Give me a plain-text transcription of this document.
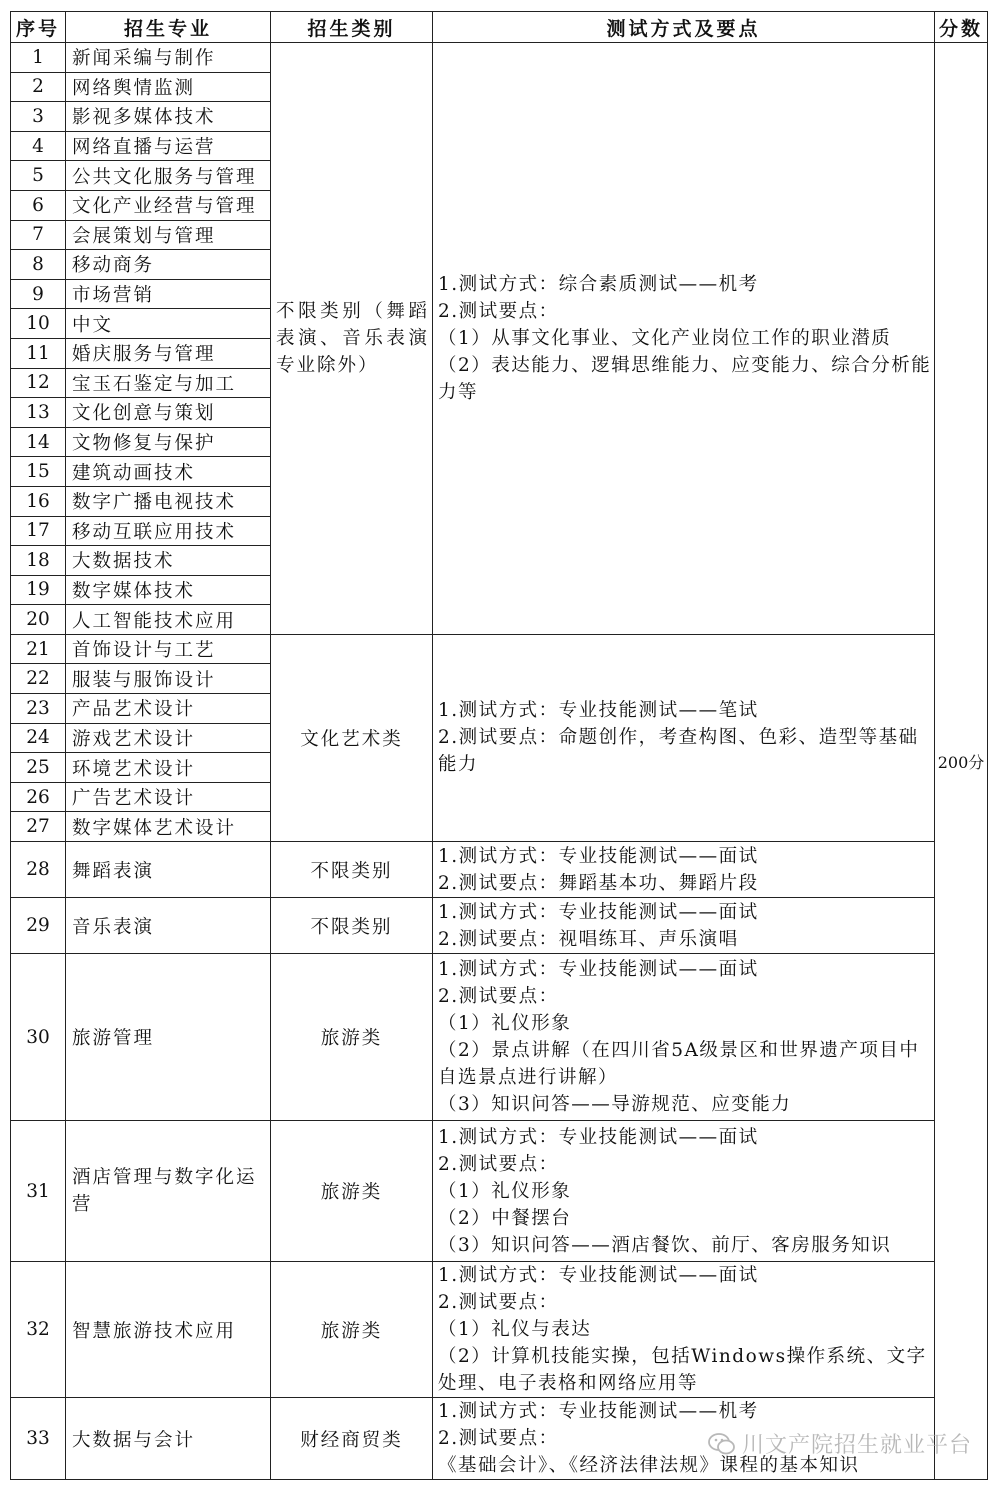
序号	招生专业	招生类别	测试方式及要点	分数
1	新闻采编与制作	不限类别（舞蹈表演、音乐表演专业除外）	1.测试方式：综合素质测试——机考
2.测试要点：
（1）从事文化事业、文化产业岗位工作的职业潜质
（2）表达能力、逻辑思维能力、应变能力、综合分析能力等	200分
2	网络舆情监测			
3	影视多媒体技术			
4	网络直播与运营			
5	公共文化服务与管理			
6	文化产业经营与管理			
7	会展策划与管理			
8	移动商务			
9	市场营销			
10	中文			
11	婚庆服务与管理			
12	宝玉石鉴定与加工			
13	文化创意与策划			
14	文物修复与保护			
15	建筑动画技术			
16	数字广播电视技术			
17	移动互联应用技术			
18	大数据技术			
19	数字媒体技术			
20	人工智能技术应用			
21	首饰设计与工艺	文化艺术类	1.测试方式：专业技能测试——笔试
2.测试要点：命题创作，考查构图、色彩、造型等基础能力	

22	服装与服饰设计			
23	产品艺术设计			
24	游戏艺术设计			
25	环境艺术设计			
26	广告艺术设计			
27	数字媒体艺术设计			
28	舞蹈表演	不限类别	1.测试方式：专业技能测试——面试
2.测试要点：舞蹈基本功、舞蹈片段	

29	音乐表演	不限类别	1.测试方式：专业技能测试——面试
2.测试要点：视唱练耳、声乐演唱	

30	旅游管理	旅游类	1.测试方式：专业技能测试——面试
2.测试要点：
（1）礼仪形象
（2）景点讲解（在四川省5A级景区和世界遗产项目中自选景点进行讲解）
（3）知识问答——导游规范、应变能力	

31	酒店管理与数字化运营	旅游类	1.测试方式：专业技能测试——面试
2.测试要点：
（1）礼仪形象
（2）中餐摆台
（3）知识问答——酒店餐饮、前厅、客房服务知识	

32	智慧旅游技术应用	旅游类	1.测试方式：专业技能测试——面试
2.测试要点：
（1）礼仪与表达
（2）计算机技能实操，包括Windows操作系统、文字处理、电子表格和网络应用等	

33	大数据与会计	财经商贸类	1.测试方式：专业技能测试——机考
2.测试要点：
《基础会计》、《经济法律法规》课程的基本知识	
川文产院招生就业平台
